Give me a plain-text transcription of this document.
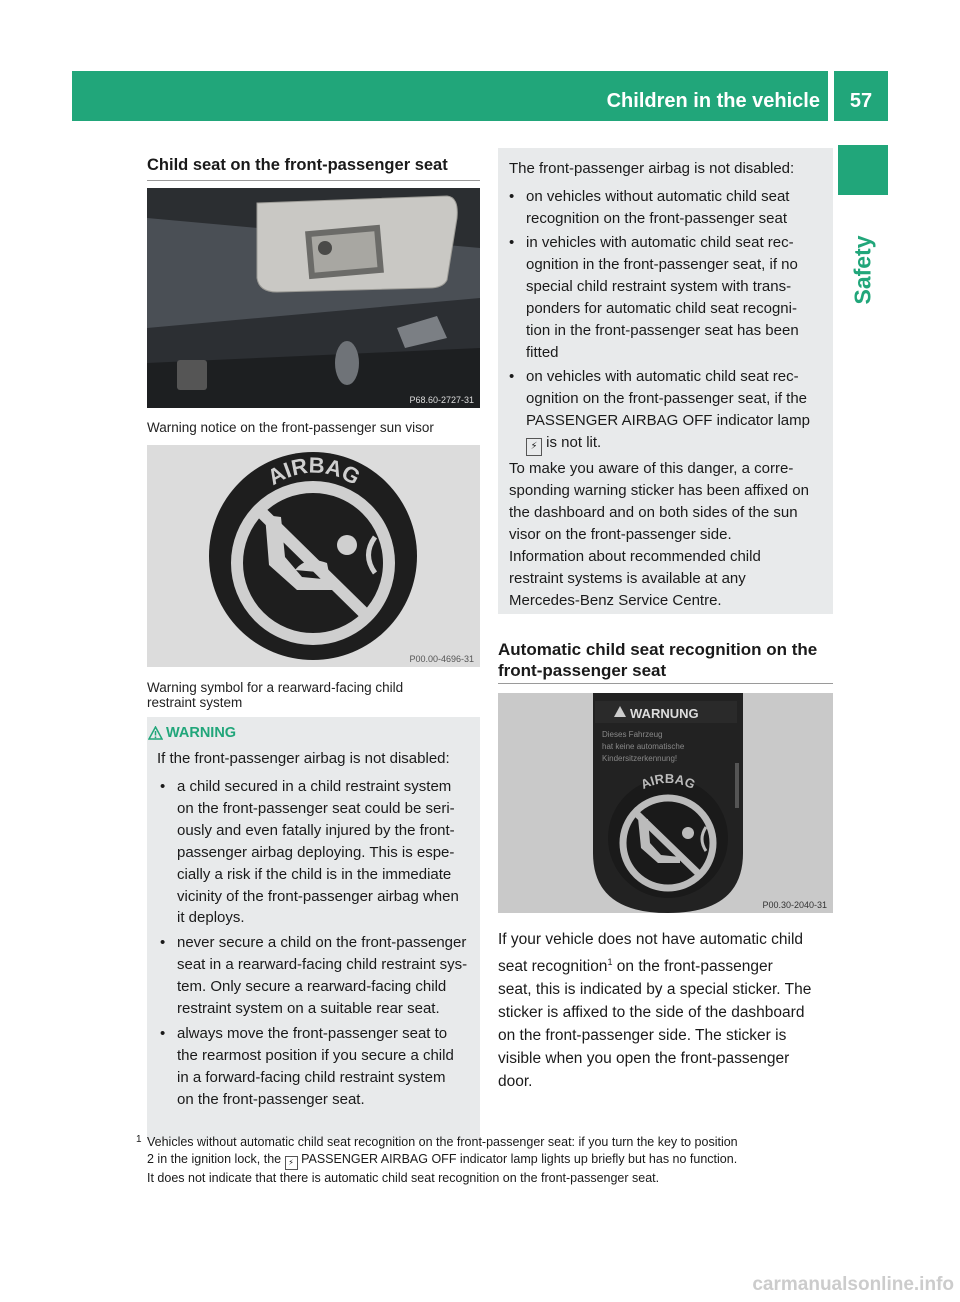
Children in the vehicle	57
Safety
Child seat on the front-passenger seat
P68.60-2727-31
Warning notice on the front-passenger sun visor
AIRBAG
P00.00-4696-31
Warning symbol for a rearward-facing child
restraint system
WARNING
If the front-passenger airbag is not disabled:
• a child secured in a child restraint system
on the front-passenger seat could be seri-
ously and even fatally injured by the front-
passenger airbag deploying. This is espe-
cially a risk if the child is in the immediate
vicinity of the front-passenger airbag when
it deploys.
• never secure a child on the front-passenger
seat in a rearward-facing child restraint sys-
tem. Only secure a rearward-facing child
restraint system on a suitable rear seat.
• always move the front-passenger seat to
the rearmost position if you secure a child
in a forward-facing child restraint system
on the front-passenger seat.
The front-passenger airbag is not disabled:
• on vehicles without automatic child seat
recognition on the front-passenger seat
• in vehicles with automatic child seat rec-
ognition in the front-passenger seat, if no
special child restraint system with trans-
ponders for automatic child seat recogni-
tion in the front-passenger seat has been
fitted
• on vehicles with automatic child seat rec-
ognition on the front-passenger seat, if the
PASSENGER AIRBAG OFF indicator lamp
⚡ is not lit.
To make you aware of this danger, a corre-
sponding warning sticker has been affixed on
the dashboard and on both sides of the sun
visor on the front-passenger side.
Information about recommended child
restraint systems is available at any
Mercedes-Benz Service Centre.
Automatic child seat recognition on the
front-passenger seat
WARNUNG
Dieses Fahrzeug
hat keine automatische
Kindersitzerkennung!
AIRBAG
P00.30-2040-31
If your vehicle does not have automatic child
seat recognition$^1$ on the front-passenger
seat, this is indicated by a special sticker. The
sticker is affixed to the side of the dashboard
on the front-passenger side. The sticker is
visible when you open the front-passenger
door.
1 Vehicles without automatic child seat recognition on the front-passenger seat: if you turn the key to position
2 in the ignition lock, the ⚡ PASSENGER AIRBAG OFF indicator lamp lights up briefly but has no function.
It does not indicate that there is automatic child seat recognition on the front-passenger seat.
carmanualsonline.info
